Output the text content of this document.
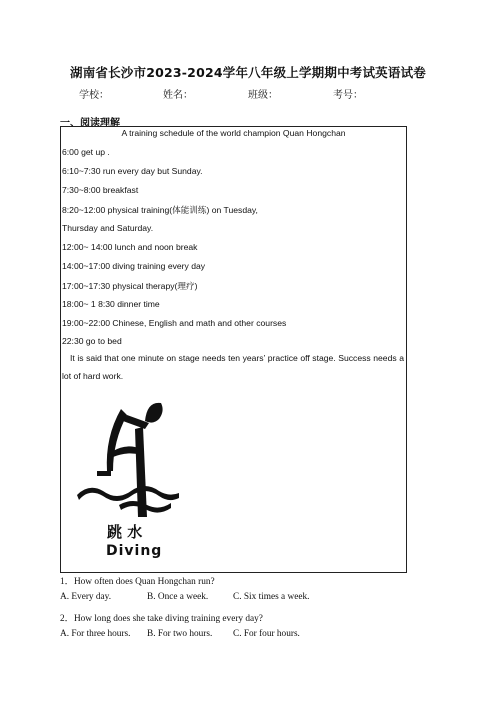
湖南省长沙市2023-2024学年八年级上学期期中考试英语试卷
学校：	姓名：	班级：	考号：
一、阅读理解
A training schedule of the world champion Quan Hongchan
6:00 get up .
6:10~7:30 run every day but Sunday.
7:30~8:00 breakfast
8:20~12:00 physical training(体能训练) on Tuesday,
Thursday and Saturday.
12:00~ 14:00 lunch and noon break
14:00~17:00 diving training every day
17:00~17:30 physical therapy(理疗)
18:00~ 1 8:30 dinner time
19:00~22:00 Chinese, English and math and other courses
22:30 go to bed
It is said that one minute on stage needs ten years’ practice off stage. Success needs a lot of hard work.
跳 水
Diving
1．How often does Quan Hongchan run?
A. Every day.	B. Once a week.	C. Six times a week.
2．How long does she take diving training every day?
A. For three hours. B. For two hours. C. For four hours.
